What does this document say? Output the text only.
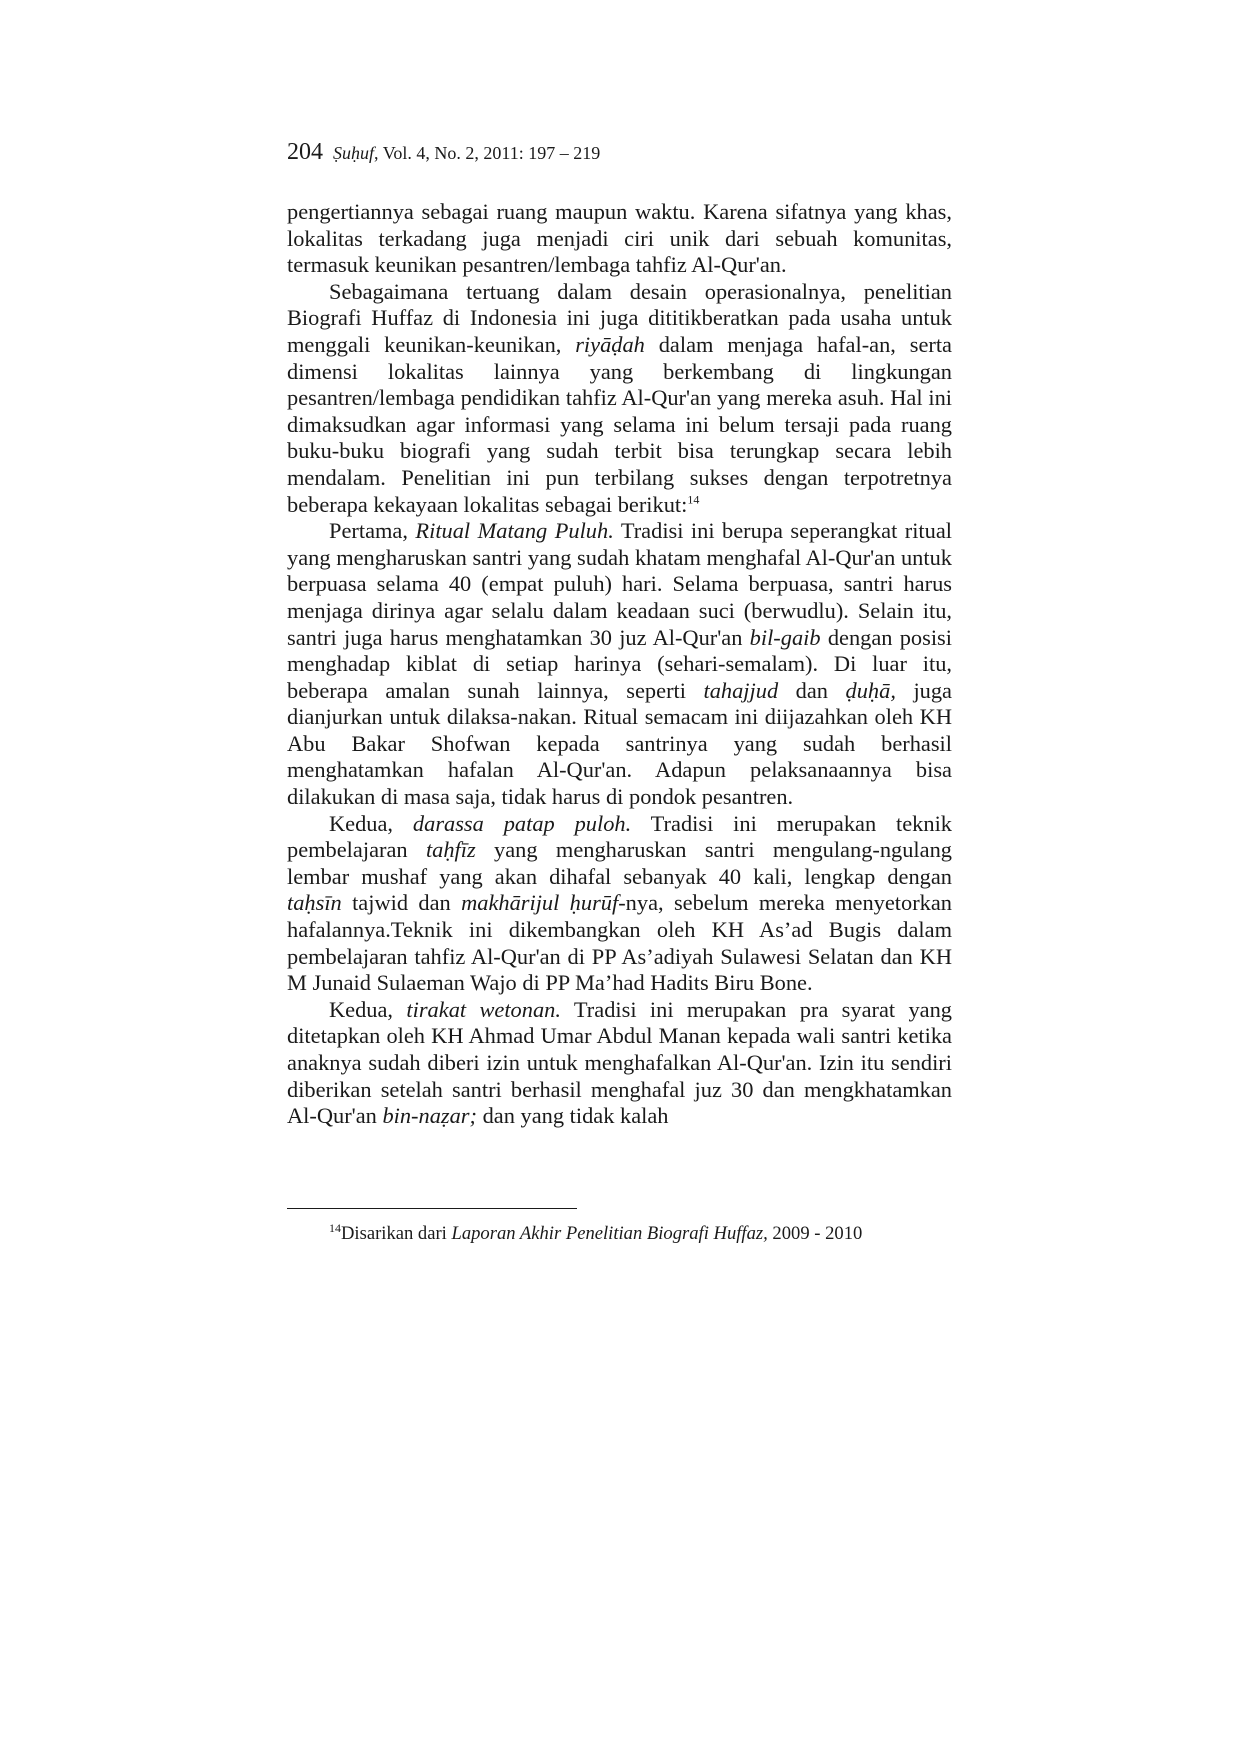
204 Ṣuḥuf, Vol. 4, No. 2, 2011: 197 – 219

pengertiannya sebagai ruang maupun waktu. Karena sifatnya yang khas, lokalitas terkadang juga menjadi ciri unik dari sebuah komunitas, termasuk keunikan pesantren/lembaga tahfiz Al-Qur'an.

Sebagaimana tertuang dalam desain operasionalnya, penelitian Biografi Huffaz di Indonesia ini juga dititikberatkan pada usaha untuk menggali keunikan-keunikan, riyāḍah dalam menjaga hafal-an, serta dimensi lokalitas lainnya yang berkembang di lingkungan pesantren/lembaga pendidikan tahfiz Al-Qur'an yang mereka asuh. Hal ini dimaksudkan agar informasi yang selama ini belum tersaji pada ruang buku-buku biografi yang sudah terbit bisa terungkap secara lebih mendalam. Penelitian ini pun terbilang sukses dengan terpotretnya beberapa kekayaan lokalitas sebagai berikut:$^{14}$

Pertama, Ritual Matang Puluh. Tradisi ini berupa seperangkat ritual yang mengharuskan santri yang sudah khatam menghafal Al-Qur'an untuk berpuasa selama 40 (empat puluh) hari. Selama berpuasa, santri harus menjaga dirinya agar selalu dalam keadaan suci (berwudlu). Selain itu, santri juga harus menghatamkan 30 juz Al-Qur'an bil-gaib dengan posisi menghadap kiblat di setiap harinya (sehari-semalam). Di luar itu, beberapa amalan sunah lainnya, seperti tahajjud dan ḍuḥā, juga dianjurkan untuk dilaksa-nakan. Ritual semacam ini diijazahkan oleh KH Abu Bakar Shofwan kepada santrinya yang sudah berhasil menghatamkan hafalan Al-Qur'an. Adapun pelaksanaannya bisa dilakukan di masa saja, tidak harus di pondok pesantren.

Kedua, darassa patap puloh. Tradisi ini merupakan teknik pembelajaran taḥfīz yang mengharuskan santri mengulang-ngulang lembar mushaf yang akan dihafal sebanyak 40 kali, lengkap dengan taḥsīn tajwid dan makhārijul ḥurūf-nya, sebelum mereka menyetorkan hafalannya.Teknik ini dikembangkan oleh KH As’ad Bugis dalam pembelajaran tahfiz Al-Qur'an di PP As’adiyah Sulawesi Selatan dan KH M Junaid Sulaeman Wajo di PP Ma’had Hadits Biru Bone.

Kedua, tirakat wetonan. Tradisi ini merupakan pra syarat yang ditetapkan oleh KH Ahmad Umar Abdul Manan kepada wali santri ketika anaknya sudah diberi izin untuk menghafalkan Al-Qur'an. Izin itu sendiri diberikan setelah santri berhasil menghafal juz 30 dan mengkhatamkan Al-Qur'an bin-naẓar; dan yang tidak kalah

$^{14}$Disarikan dari Laporan Akhir Penelitian Biografi Huffaz, 2009 - 2010
